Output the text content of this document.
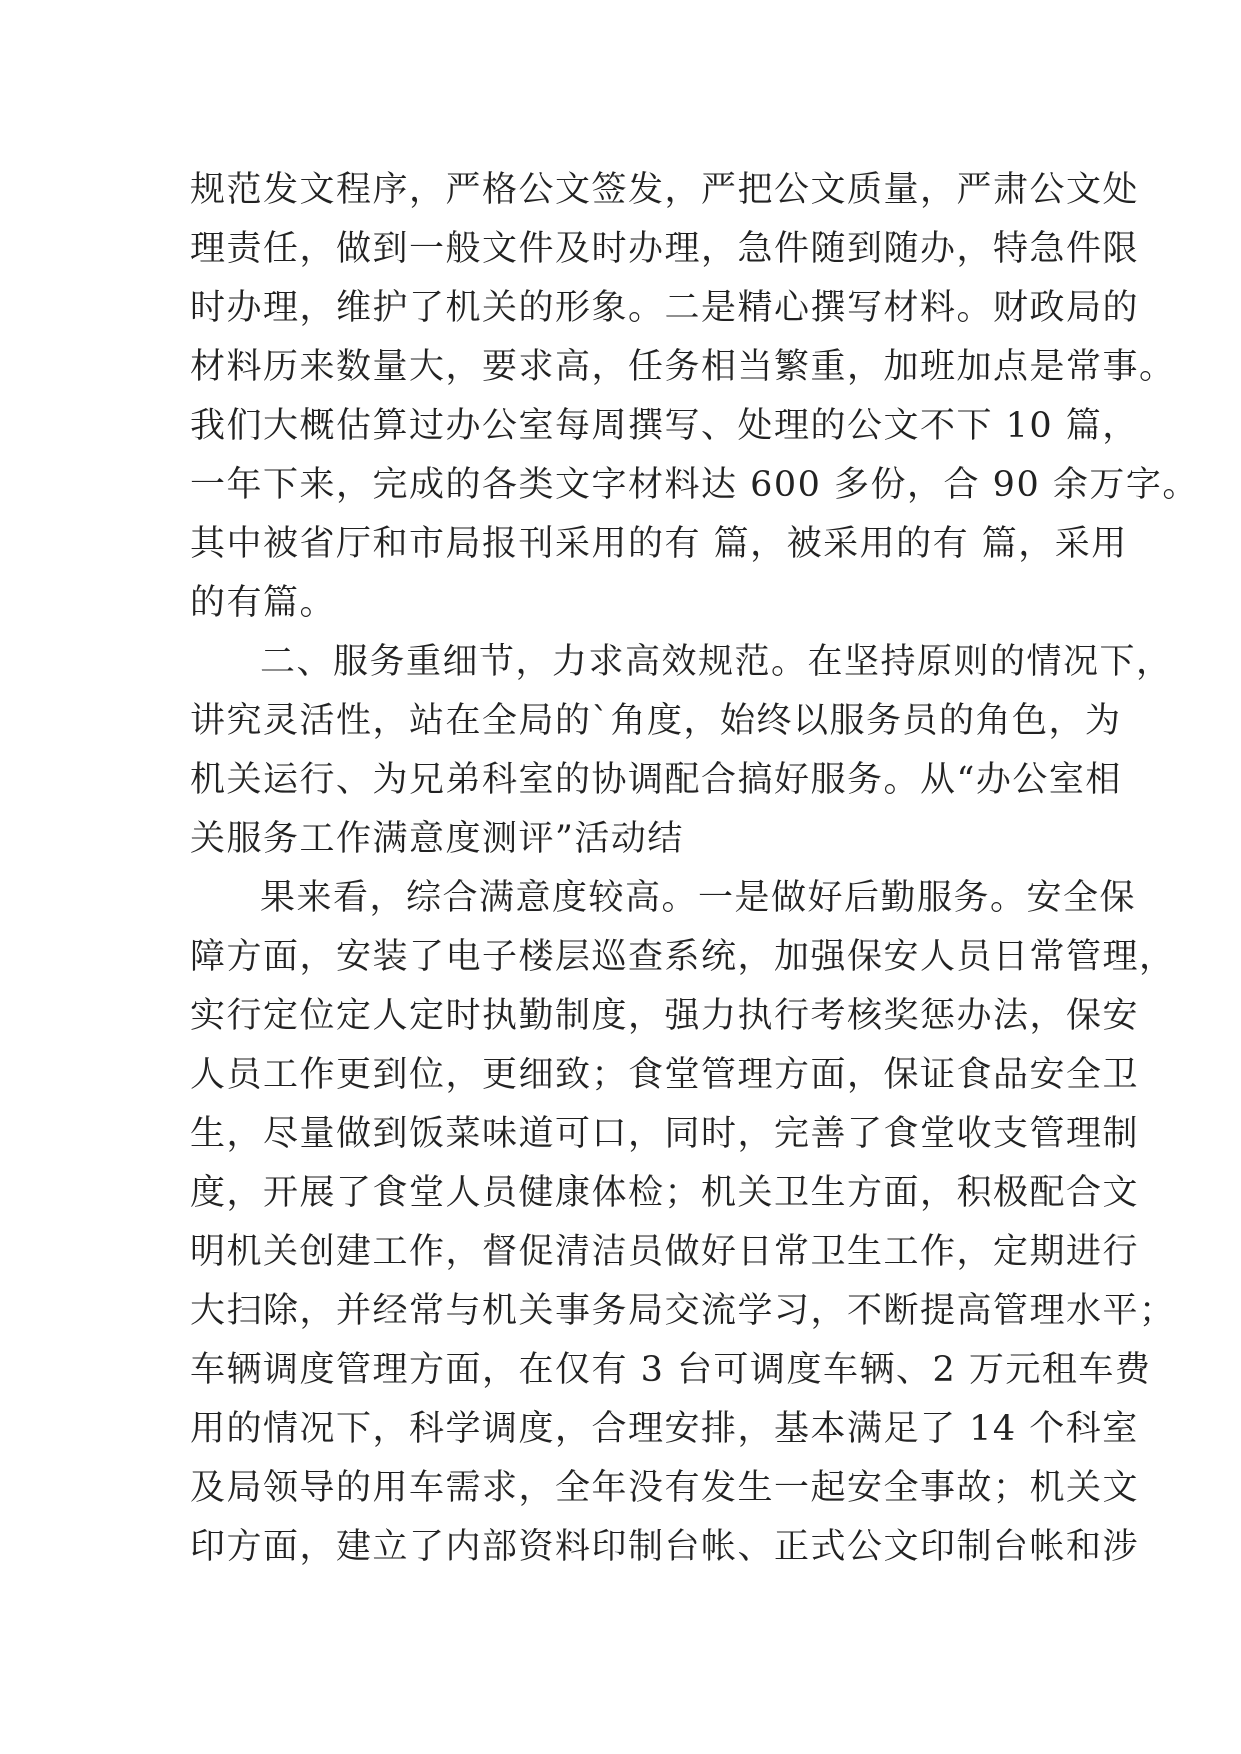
规范发文程序，严格公文签发，严把公文质量，严肃公文处
理责任，做到一般文件及时办理，急件随到随办，特急件限
时办理，维护了机关的形象。二是精心撰写材料。财政局的
材料历来数量大，要求高，任务相当繁重，加班加点是常事。
我们大概估算过办公室每周撰写、处理的公文不下 10 篇，
一年下来，完成的各类文字材料达 600 多份，合 90 余万字。
其中被省厅和市局报刊采用的有 篇，被采用的有 篇，采用
的有篇。
二、服务重细节，力求高效规范。在坚持原则的情况下，
讲究灵活性，站在全局的`角度，始终以服务员的角色，为
机关运行、为兄弟科室的协调配合搞好服务。从“办公室相
关服务工作满意度测评”活动结
果来看，综合满意度较高。一是做好后勤服务。安全保
障方面，安装了电子楼层巡查系统，加强保安人员日常管理，
实行定位定人定时执勤制度，强力执行考核奖惩办法，保安
人员工作更到位，更细致；食堂管理方面，保证食品安全卫
生，尽量做到饭菜味道可口，同时，完善了食堂收支管理制
度，开展了食堂人员健康体检；机关卫生方面，积极配合文
明机关创建工作，督促清洁员做好日常卫生工作，定期进行
大扫除，并经常与机关事务局交流学习，不断提高管理水平；
车辆调度管理方面，在仅有 3 台可调度车辆、2 万元租车费
用的情况下，科学调度，合理安排，基本满足了 14 个科室
及局领导的用车需求，全年没有发生一起安全事故；机关文
印方面，建立了内部资料印制台帐、正式公文印制台帐和涉
